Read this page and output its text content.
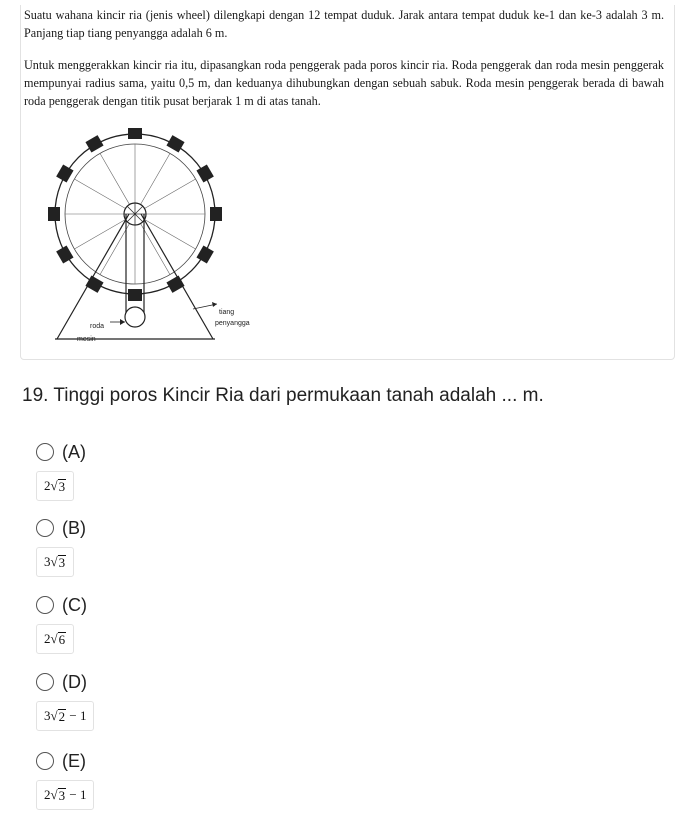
Suatu wahana kincir ria (jenis wheel) dilengkapi dengan 12 tempat duduk. Jarak antara tempat duduk ke-1 dan ke-3 adalah 3 m. Panjang tiap tiang penyangga adalah 6 m.

Untuk menggerakkan kincir ria itu, dipasangkan roda penggerak pada poros kincir ria. Roda penggerak dan roda mesin penggerak mempunyai radius sama, yaitu 0,5 m, dan keduanya dihubungkan dengan sebuah sabuk. Roda mesin penggerak berada di bawah roda penggerak dengan titik pusat berjarak 1 m di atas tanah.

roda
mesin
tiang
penyangga

19. Tinggi poros Kincir Ria dari permukaan tanah adalah ... m.

(A)
2 √ 3
(B)
3 √ 3
(C)
2 √ 6
(D)
3 √ 2 − 1
(E)
2 √ 3 − 1
